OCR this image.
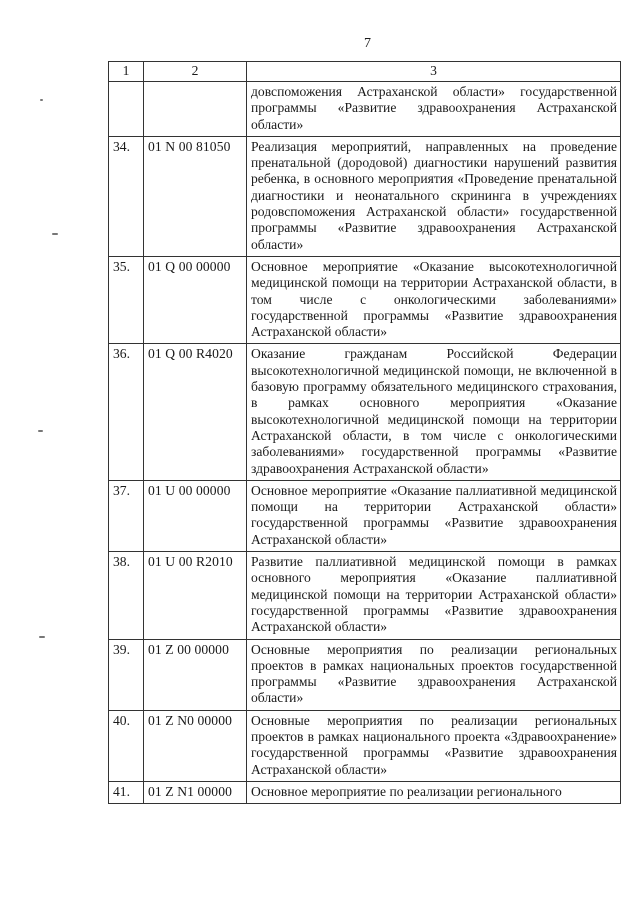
7
1	2	3
		довспоможения Астраханской области» государственной программы «Развитие здравоохранения Астраханской области»
34.	01 N 00 81050	Реализация мероприятий, направленных на проведение пренатальной (дородовой) диагностики нарушений развития ребенка, в основного мероприятия «Проведение пренатальной диагностики и неонатального скрининга в учреждениях родовспоможения Астраханской области» государственной программы «Развитие здравоохранения Астраханской области»
35.	01 Q 00 00000	Основное мероприятие «Оказание высокотехнологичной медицинской помощи на территории Астраханской области, в том числе с онкологическими заболеваниями» государственной программы «Развитие здравоохранения Астраханской области»
36.	01 Q 00 R4020	Оказание гражданам Российской Федерации высокотехнологичной медицинской помощи, не включенной в базовую программу обязательного медицинского страхования, в рамках основного мероприятия «Оказание высокотехнологичной медицинской помощи на территории Астраханской области, в том числе с онкологическими заболеваниями» государственной программы «Развитие здравоохранения Астраханской области»
37.	01 U 00 00000	Основное мероприятие «Оказание паллиативной медицинской помощи на территории Астраханской области» государственной программы «Развитие здравоохранения Астраханской области»
38.	01 U 00 R2010	Развитие паллиативной медицинской помощи в рамках основного мероприятия «Оказание паллиативной медицинской помощи на территории Астраханской области» государственной программы «Развитие здравоохранения Астраханской области»
39.	01 Z 00 00000	Основные мероприятия по реализации региональных проектов в рамках национальных проектов государственной программы «Развитие здравоохранения Астраханской области»
40.	01 Z N0 00000	Основные мероприятия по реализации региональных проектов в рамках национального проекта «Здравоохранение» государственной программы «Развитие здравоохранения Астраханской области»
41.	01 Z N1 00000	Основное мероприятие по реализации регионального
